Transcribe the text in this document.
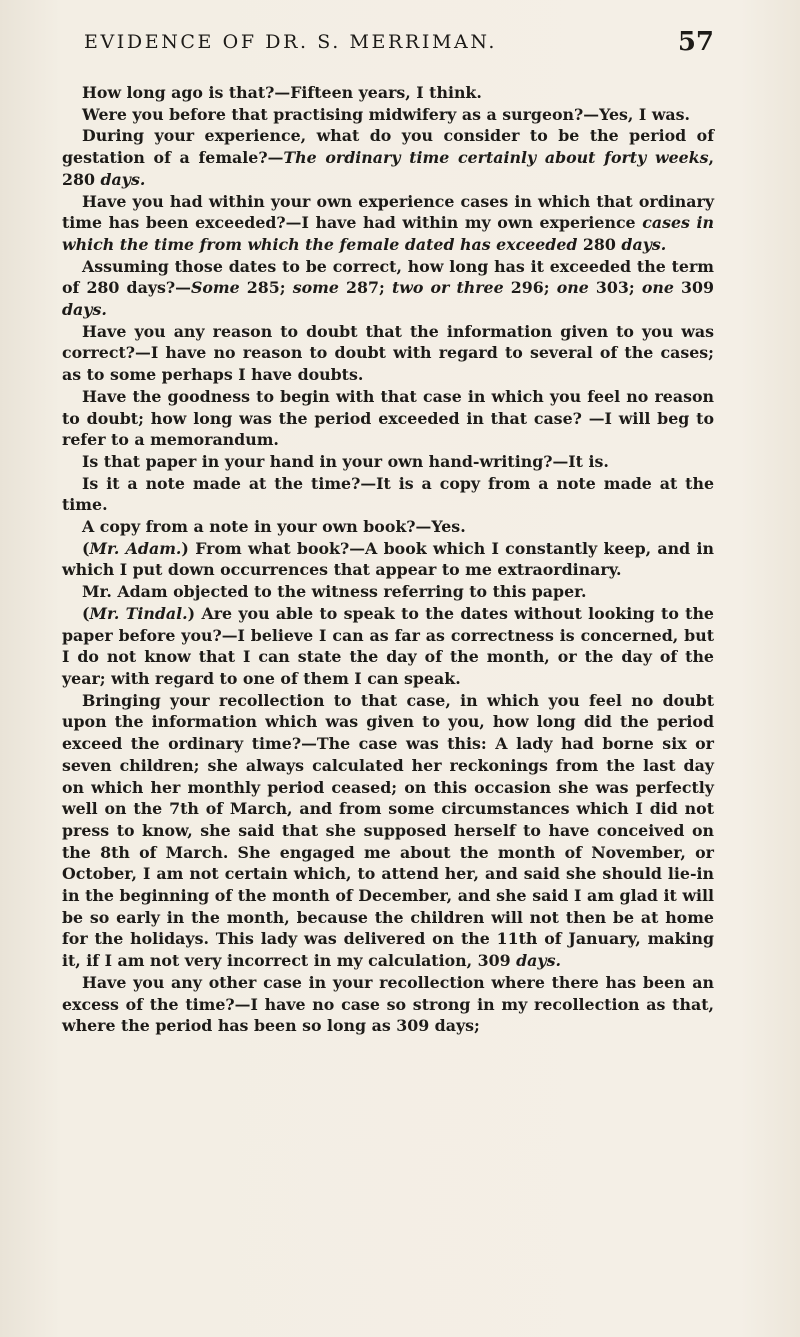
EVIDENCE OF DR. S. MERRIMAN.	57

How long ago is that?—Fifteen years, I think.

Were you before that practising midwifery as a surgeon?—Yes, I was.

During your experience, what do you consider to be the period of gestation of a female?—The ordinary time certainly about forty weeks, 280 days.

Have you had within your own experience cases in which that ordinary time has been exceeded?—I have had within my own experience cases in which the time from which the female dated has exceeded 280 days.

Assuming those dates to be correct, how long has it exceeded the term of 280 days?—Some 285; some 287; two or three 296; one 303; one 309 days.

Have you any reason to doubt that the information given to you was correct?—I have no reason to doubt with regard to several of the cases; as to some perhaps I have doubts.

Have the goodness to begin with that case in which you feel no reason to doubt; how long was the period exceeded in that case? —I will beg to refer to a memorandum.

Is that paper in your hand in your own hand-writing?—It is.

Is it a note made at the time?—It is a copy from a note made at the time.

A copy from a note in your own book?—Yes.

(Mr. Adam.) From what book?—A book which I constantly keep, and in which I put down occurrences that appear to me extraordinary.

Mr. Adam objected to the witness referring to this paper.

(Mr. Tindal.) Are you able to speak to the dates without looking to the paper before you?—I believe I can as far as correctness is concerned, but I do not know that I can state the day of the month, or the day of the year; with regard to one of them I can speak.

Bringing your recollection to that case, in which you feel no doubt upon the information which was given to you, how long did the period exceed the ordinary time?—The case was this: A lady had borne six or seven children; she always calculated her reckonings from the last day on which her monthly period ceased; on this occasion she was perfectly well on the 7th of March, and from some circumstances which I did not press to know, she said that she supposed herself to have conceived on the 8th of March. She engaged me about the month of November, or October, I am not certain which, to attend her, and said she should lie-in in the beginning of the month of December, and she said I am glad it will be so early in the month, because the children will not then be at home for the holidays. This lady was delivered on the 11th of January, making it, if I am not very incorrect in my calculation, 309 days.

Have you any other case in your recollection where there has been an excess of the time?—I have no case so strong in my recollection as that, where the period has been so long as 309 days;
